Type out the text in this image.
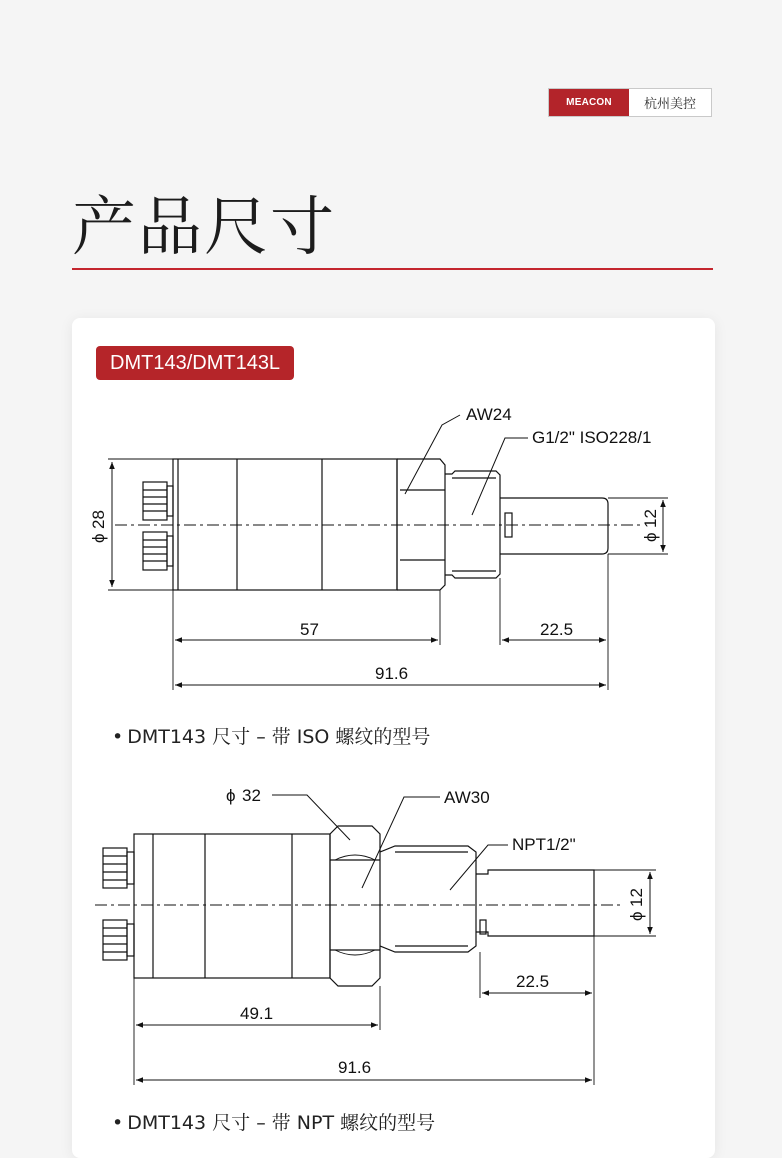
MEACON	杭州美控
产品尺寸
DMT143/DMT143L
AW24
G1/2" ISO228/1
ϕ
28
ϕ
12
57	22.5
91.6
ϕ 32	AW30
NPT1/2"
ϕ
12
22.5
49.1
91.6
• DMT143 尺寸 – 带 ISO 螺纹的型号
• DMT143 尺寸 – 带 NPT 螺纹的型号
